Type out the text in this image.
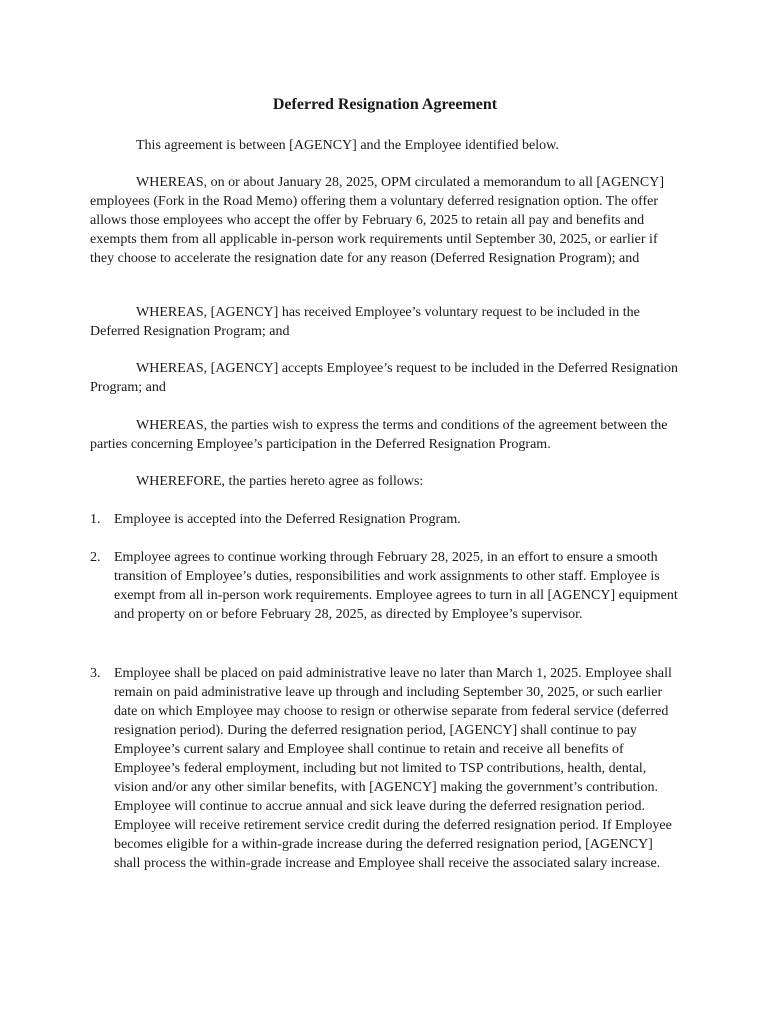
Deferred Resignation Agreement

This agreement is between [AGENCY] and the Employee identified below.

WHEREAS, on or about January 28, 2025, OPM circulated a memorandum to all [AGENCY] employees (Fork in the Road Memo) offering them a voluntary deferred resignation option. The offer allows those employees who accept the offer by February 6, 2025 to retain all pay and benefits and exempts them from all applicable in-person work requirements until September 30, 2025, or earlier if they choose to accelerate the resignation date for any reason (Deferred Resignation Program); and

WHEREAS, [AGENCY] has received Employee’s voluntary request to be included in the Deferred Resignation Program; and

WHEREAS, [AGENCY] accepts Employee’s request to be included in the Deferred Resignation Program; and

WHEREAS, the parties wish to express the terms and conditions of the agreement between the parties concerning Employee’s participation in the Deferred Resignation Program.

WHEREFORE, the parties hereto agree as follows:

1. Employee is accepted into the Deferred Resignation Program.
2. Employee agrees to continue working through February 28, 2025, in an effort to ensure a smooth transition of Employee’s duties, responsibilities and work assignments to other staff. Employee is exempt from all in-person work requirements. Employee agrees to turn in all [AGENCY] equipment and property on or before February 28, 2025, as directed by Employee’s supervisor.
3. Employee shall be placed on paid administrative leave no later than March 1, 2025. Employee shall remain on paid administrative leave up through and including September 30, 2025, or such earlier date on which Employee may choose to resign or otherwise separate from federal service (deferred resignation period). During the deferred resignation period, [AGENCY] shall continue to pay Employee’s current salary and Employee shall continue to retain and receive all benefits of Employee’s federal employment, including but not limited to TSP contributions, health, dental, vision and/or any other similar benefits, with [AGENCY] making the government’s contribution. Employee will continue to accrue annual and sick leave during the deferred resignation period. Employee will receive retirement service credit during the deferred resignation period. If Employee becomes eligible for a within-grade increase during the deferred resignation period, [AGENCY] shall process the within-grade increase and Employee shall receive the associated salary increase.
